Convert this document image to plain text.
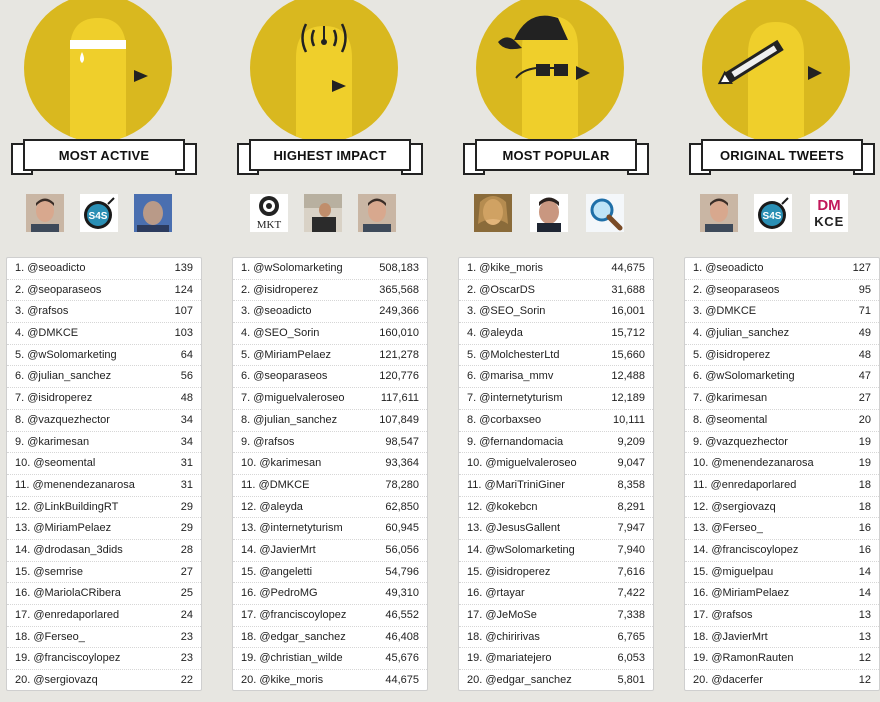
MOST ACTIVE
S4S
1. @seoadicto	139
2. @seoparaseos	124
3. @rafsos	107
4. @DMKCE	103
5. @wSolomarketing	64
6. @julian_sanchez	56
7. @isidroperez	48
8. @vazquezhector	34
9. @karimesan	34
10. @seomental	31
11. @menendezanarosa	31
12. @LinkBuildingRT	29
13. @MiriamPelaez	29
14. @drodasan_3dids	28
15. @semrise	27
16. @MariolaCRibera	25
17. @enredaporlared	24
18. @Ferseo_	23
19. @franciscoylopez	23
20. @sergiovazq	22
HIGHEST IMPACT
MKT
1. @wSolomarketing	508,183
2. @isidroperez	365,568
3. @seoadicto	249,366
4. @SEO_Sorin	160,010
5. @MiriamPelaez	121,278
6. @seoparaseos	120,776
7. @miguelvaleroseo	117,611
8. @julian_sanchez	107,849
9. @rafsos	98,547
10. @karimesan	93,364
11. @DMKCE	78,280
12. @aleyda	62,850
13. @internetyturism	60,945
14. @JavierMrt	56,056
15. @angeletti	54,796
16. @PedroMG	49,310
17. @franciscoylopez	46,552
18. @edgar_sanchez	46,408
19. @christian_wilde	45,676
20. @kike_moris	44,675
MOST POPULAR
1. @kike_moris	44,675
2. @OscarDS	31,688
3. @SEO_Sorin	16,001
4. @aleyda	15,712
5. @MolchesterLtd	15,660
6. @marisa_mmv	12,488
7. @internetyturism	12,189
8. @corbaxseo	10,111
9. @fernandomacia	9,209
10. @miguelvaleroseo	9,047
11. @MariTriniGiner	8,358
12. @kokebcn	8,291
13. @JesusGallent	7,947
14. @wSolomarketing	7,940
15. @isidroperez	7,616
16. @rtayar	7,422
17. @JeMoSe	7,338
18. @chiririvas	6,765
19. @mariatejero	6,053
20. @edgar_sanchez	5,801
ORIGINAL TWEETS
S4S
DM
K C E
1. @seoadicto	127
2. @seoparaseos	95
3. @DMKCE	71
4. @julian_sanchez	49
5. @isidroperez	48
6. @wSolomarketing	47
7. @karimesan	27
8. @seomental	20
9. @vazquezhector	19
10. @menendezanarosa	19
11. @enredaporlared	18
12. @sergiovazq	18
13. @Ferseo_	16
14. @franciscoylopez	16
15. @miguelpau	14
16. @MiriamPelaez	14
17. @rafsos	13
18. @JavierMrt	13
19. @RamonRauten	12
20. @dacerfer	12
